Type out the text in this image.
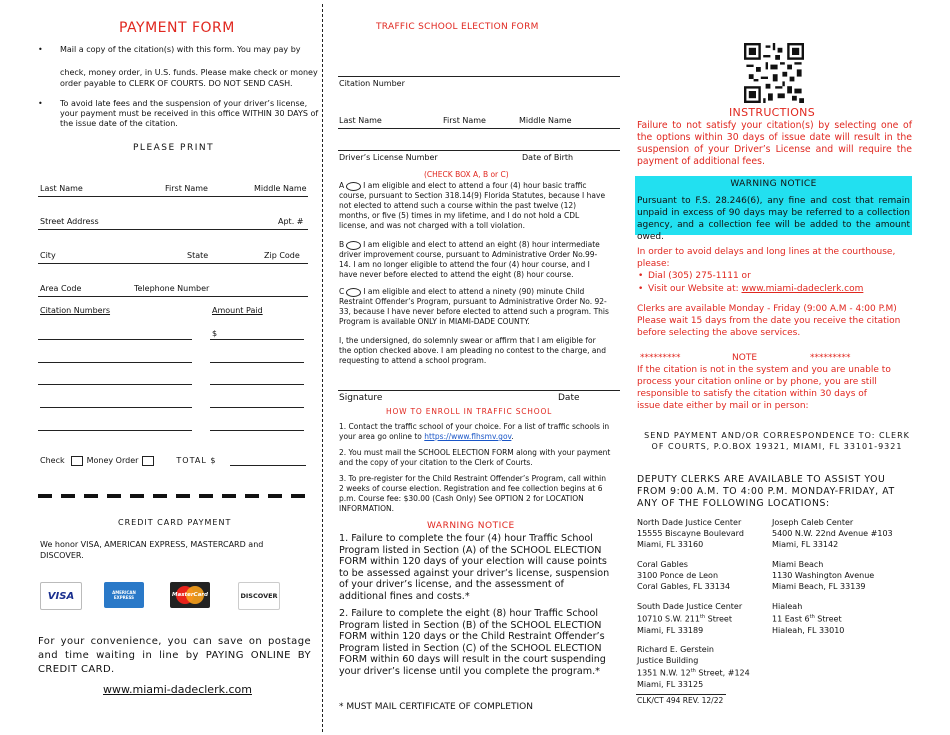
PAYMENT FORM
• Mail a copy of the citation(s) with this form. You may pay by
check, money order, in U.S. funds. Please make check or money order payable to CLERK OF COURTS. DO NOT SEND CASH.
• To avoid late fees and the suspension of your driver’s license, your payment must be received in this office WITHIN 30 DAYS of the issue date of the citation.
PLEASE PRINT
Last Name	First Name	Middle Name
Street Address	Apt. #
City	State	Zip Code
Area Code	Telephone Number
Citation Numbers	Amount Paid
$
Check	Money Order	TOTAL $
CREDIT CARD PAYMENT
We honor VISA, AMERICAN EXPRESS, MASTERCARD and DISCOVER.
VISA	AMERICAN EXPRESS	MasterCard	DISCOVER
For your convenience, you can save on postage and time waiting in line by PAYING ONLINE BY CREDIT CARD.
www.miami-dadeclerk.com
TRAFFIC SCHOOL ELECTION FORM
Citation Number
Last Name	First Name	Middle Name
Driver’s License Number	Date of Birth
(CHECK BOX A, B or C)
A	I am eligible and elect to attend a four (4) hour basic traffic course, pursuant to Section 318.14(9) Florida Statutes, because I have not elected to attend such a course within the past twelve (12) months, or five (5) times in my lifetime, and I do not hold a CDL license, and was not charged with a toll violation.
B	I am eligible and elect to attend an eight (8) hour intermediate driver improvement course, pursuant to Administrative Order No.99-14. I am no longer eligible to attend the four (4) hour course, and I have never before elected to attend the eight (8) hour course.
C	I am eligible and elect to attend a ninety (90) minute Child Restraint Offender’s Program, pursuant to Administrative Order No. 92-33, because I have never before elected to attend such a program. This Program is available ONLY in MIAMI-DADE COUNTY.
I, the undersigned, do solemnly swear or affirm that I am eligible for the option checked above. I am pleading no contest to the charge, and requesting to attend a school program.
Signature	Date
HOW TO ENROLL IN TRAFFIC SCHOOL
1. Contact the traffic school of your choice. For a list of traffic schools in your area go online to https://www.flhsmv.gov.
2. You must mail the SCHOOL ELECTION FORM along with your payment and the copy of your citation to the Clerk of Courts.
3. To pre-register for the Child Restraint Offender’s Program, call within 2 weeks of course election. Registration and fee collection begins at 6 p.m. Course fee: $30.00 (Cash Only) See OPTION 2 for LOCATION INFORMATION.
WARNING NOTICE
1. Failure to complete the four (4) hour Traffic School Program listed in Section (A) of the SCHOOL ELECTION FORM within 120 days of your election will cause points to be assessed against your driver’s license, suspension of your driver’s license, and the assessment of additional fines and costs.*
2. Failure to complete the eight (8) hour Traffic School Program listed in Section (B) of the SCHOOL ELECTION FORM within 120 days or the Child Restraint Offender’s Program listed in Section (C) of the SCHOOL ELECTION FORM within 60 days will result in the court suspending your driver’s license until you complete the program.*
* MUST MAIL CERTIFICATE OF COMPLETION
INSTRUCTIONS
Failure to not satisfy your citation(s) by selecting one of the options within 30 days of issue date will result in the suspension of your Driver’s License and will require the payment of additional fees.
WARNING NOTICE
Pursuant to F.S. 28.246(6), any fine and cost that remain unpaid in excess of 90 days may be referred to a collection agency, and a collection fee will be added to the amount owed.
In order to avoid delays and long lines at the courthouse, please:
• Dial (305) 275-1111 or
• Visit our Website at: www.miami-dadeclerk.com
Clerks are available Monday - Friday (9:00 A.M - 4:00 P.M)
Please wait 15 days from the date you receive the citation before selecting the above services.
*********	NOTE	*********
If the citation is not in the system and you are unable to process your citation online or by phone, you are still responsible to satisfy the citation within 30 days of issue date either by mail or in person:
SEND PAYMENT AND/OR CORRESPONDENCE TO: CLERK OF COURTS, P.O.BOX 19321, MIAMI, FL 33101-9321
DEPUTY CLERKS ARE AVAILABLE TO ASSIST YOU FROM 9:00 A.M. TO 4:00 P.M. MONDAY-FRIDAY, AT ANY OF THE FOLLOWING LOCATIONS:
North Dade Justice Center
15555 Biscayne Boulevard
Miami, FL 33160
Joseph Caleb Center
5400 N.W. 22nd Avenue #103
Miami, FL 33142
Coral Gables
3100 Ponce de Leon
Coral Gables, FL 33134
Miami Beach
1130 Washington Avenue
Miami Beach, FL 33139
South Dade Justice Center
10710 S.W. 211th Street
Miami, FL 33189
Hialeah
11 East 6th Street
Hialeah, FL 33010
Richard E. Gerstein
Justice Building
1351 N.W. 12th Street, #124
Miami, FL 33125
CLK/CT 494 REV. 12/22
